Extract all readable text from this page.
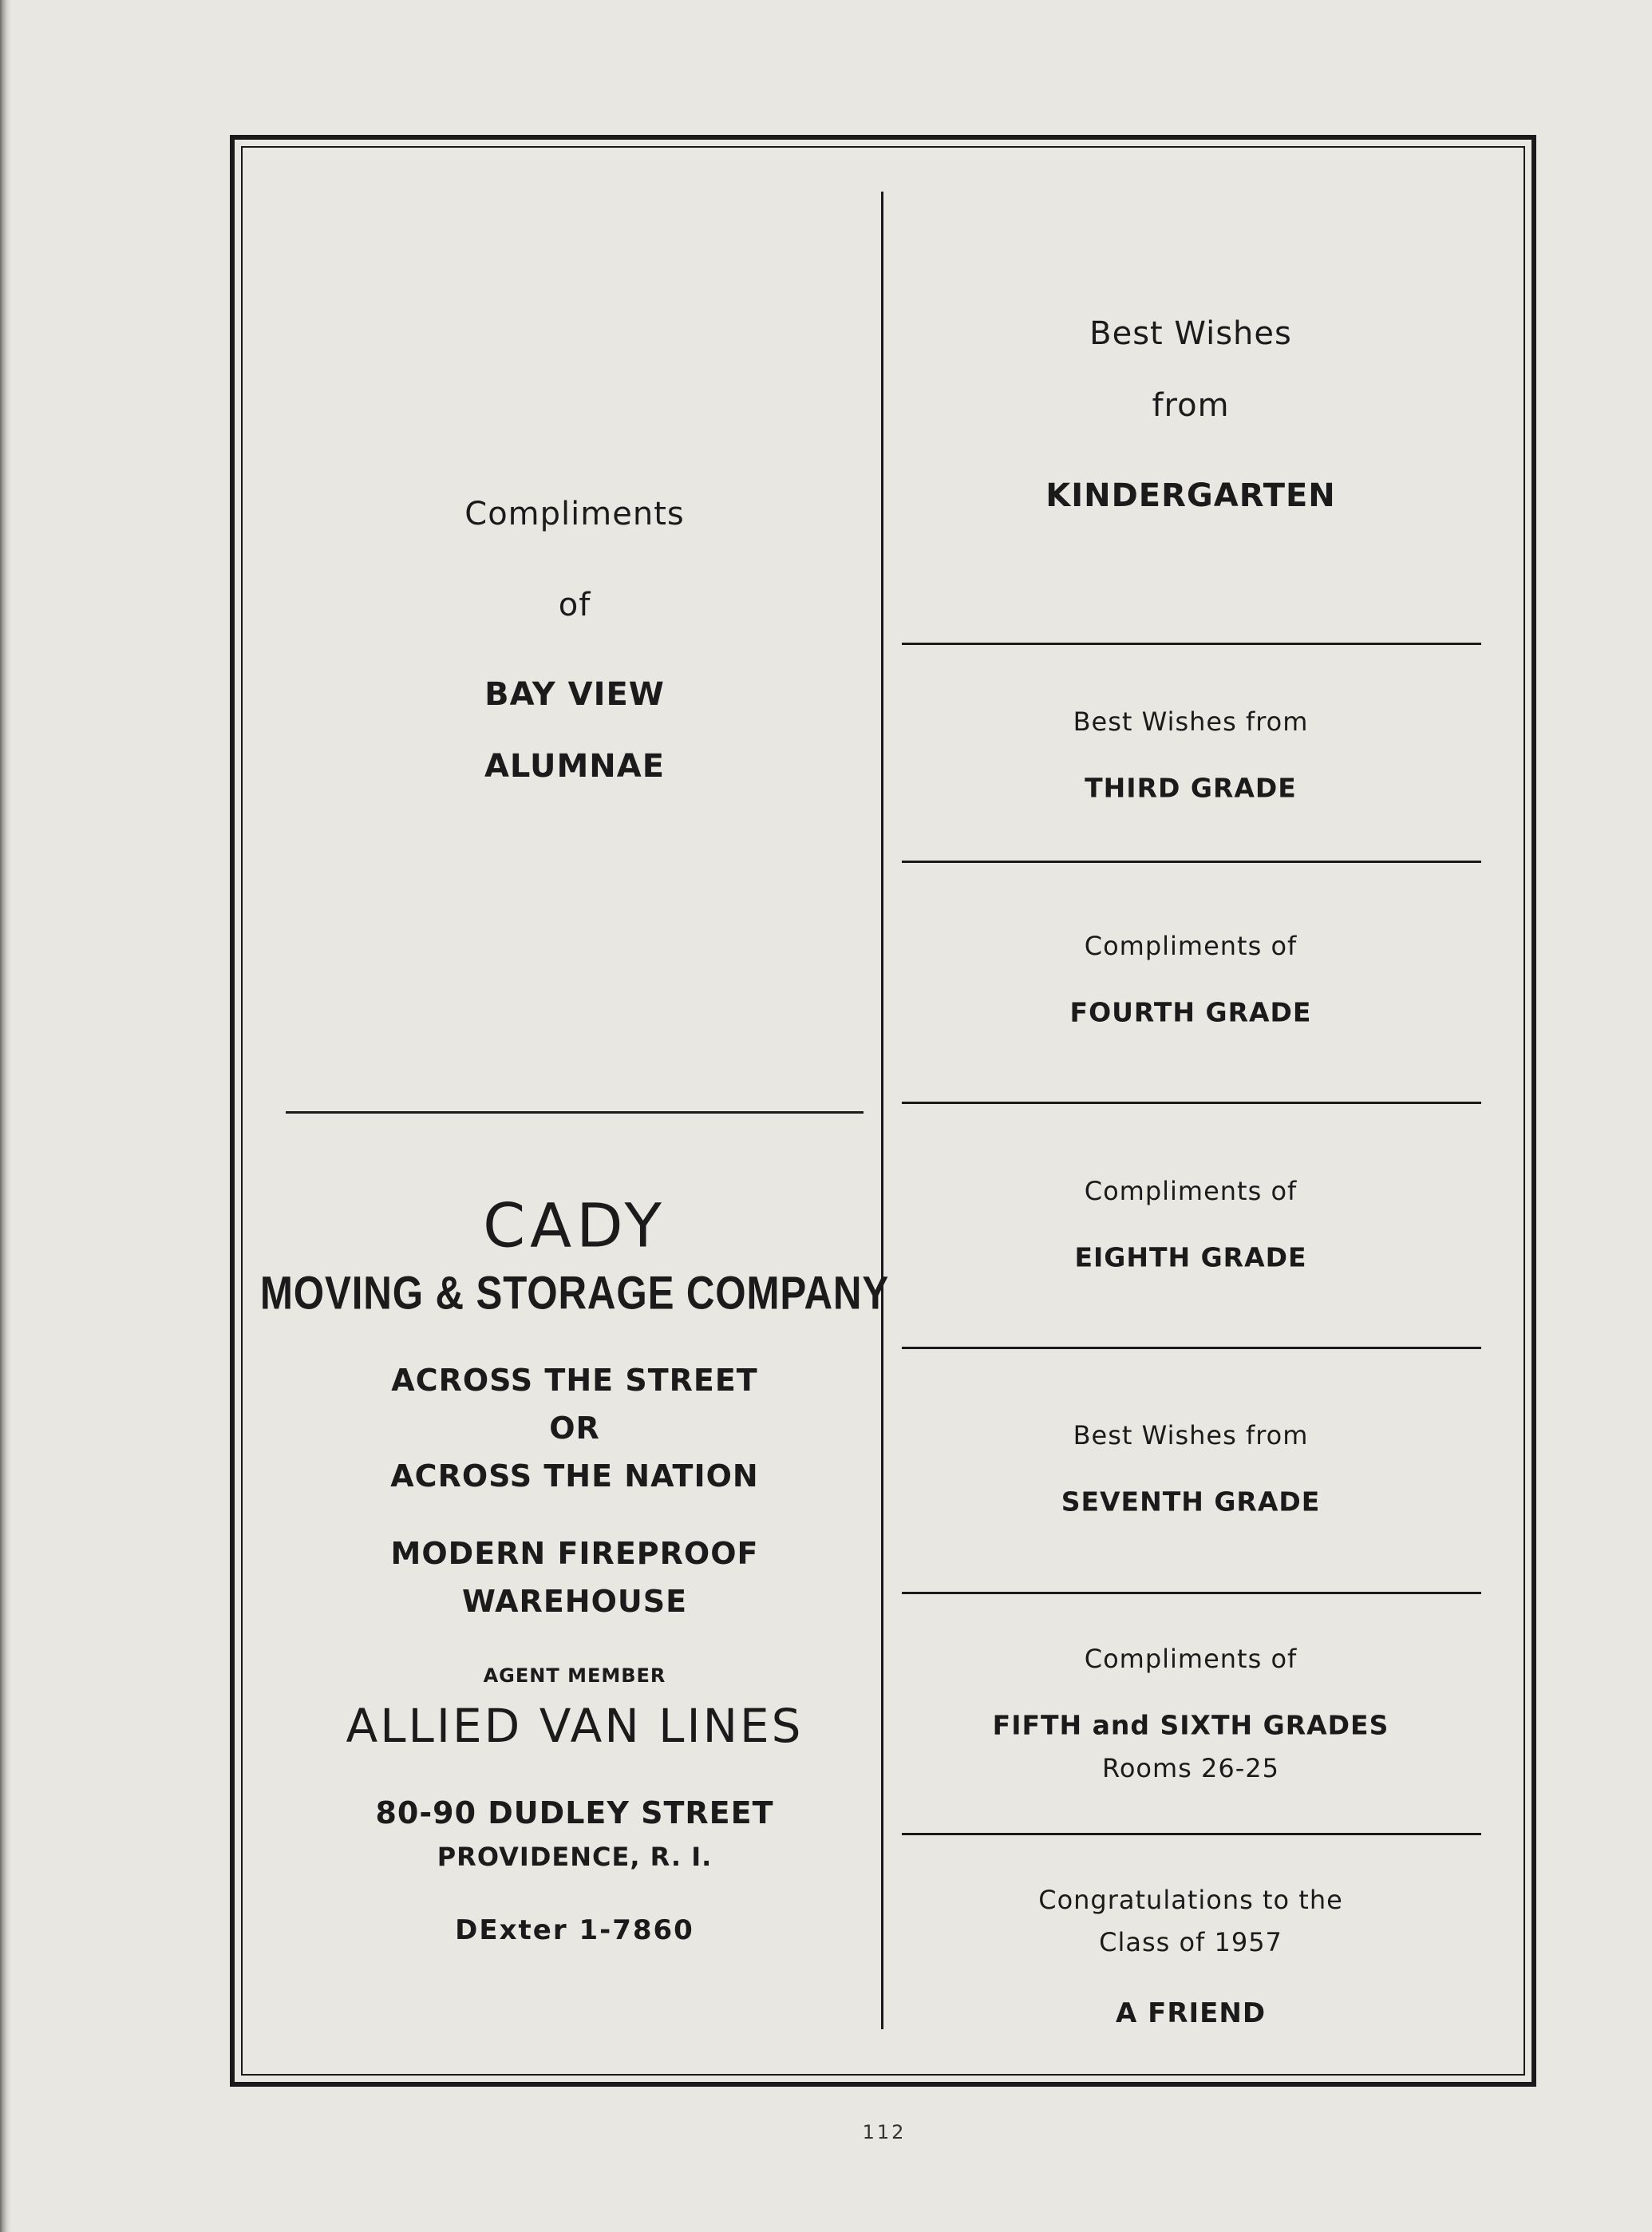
Compliments

of

BAY VIEW

ALUMNAE

CADY

MOVING & STORAGE COMPANY

ACROSS THE STREET

OR

ACROSS THE NATION

MODERN FIREPROOF

WAREHOUSE

AGENT MEMBER

ALLIED VAN LINES

80-90 DUDLEY STREET

PROVIDENCE, R. I.

DExter 1-7860

Best Wishes

from

KINDERGARTEN

Best Wishes from

THIRD GRADE

Compliments of

FOURTH GRADE

Compliments of

EIGHTH GRADE

Best Wishes from

SEVENTH GRADE

Compliments of

FIFTH and SIXTH GRADES

Rooms 26-25

Congratulations to the

Class of 1957

A FRIEND

112
